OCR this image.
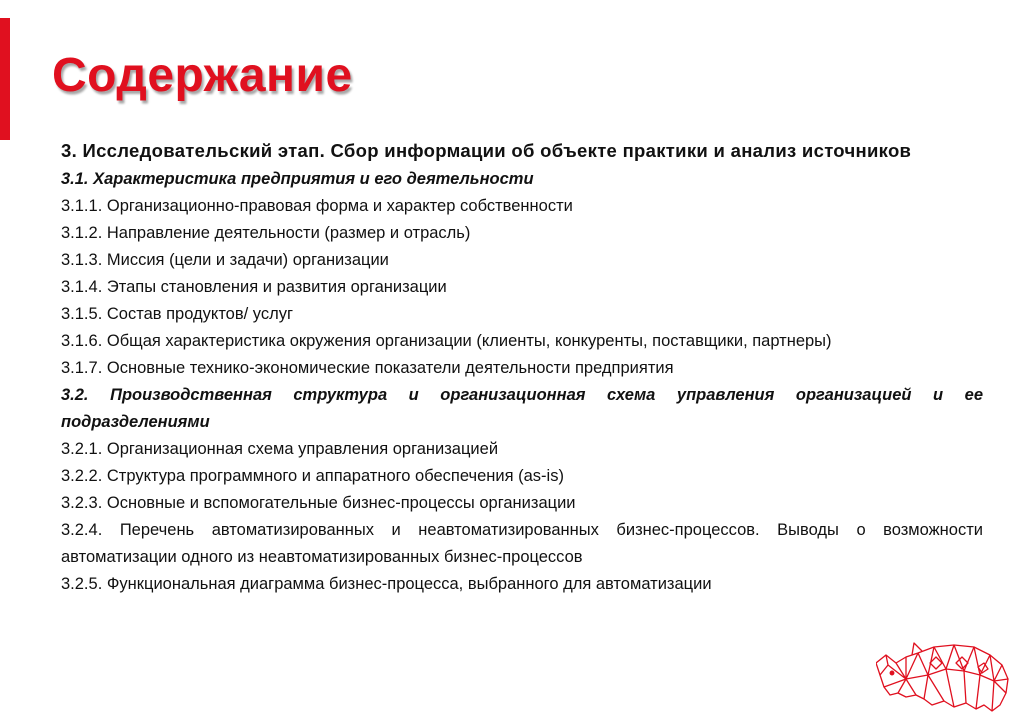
Содержание
3. Исследовательский этап. Сбор информации об объекте практики и анализ источников
3.1. Характеристика предприятия и его деятельности
3.1.1. Организационно-правовая форма и характер собственности
3.1.2. Направление деятельности (размер и отрасль)
3.1.3. Миссия (цели и задачи) организации
3.1.4. Этапы становления и развития организации
3.1.5. Состав продуктов/ услуг
3.1.6. Общая характеристика окружения организации (клиенты, конкуренты, поставщики, партнеры)
3.1.7. Основные технико-экономические показатели деятельности предприятия
3.2. Производственная структура и организационная схема управления организацией и ее подразделениями
3.2.1. Организационная схема управления организацией
3.2.2. Структура программного и аппаратного обеспечения (as-is)
3.2.3. Основные и вспомогательные бизнес-процессы организации
3.2.4. Перечень автоматизированных и неавтоматизированных бизнес-процессов. Выводы о возможности автоматизации одного из неавтоматизированных бизнес-процессов
3.2.5. Функциональная диаграмма бизнес-процесса, выбранного для автоматизации
